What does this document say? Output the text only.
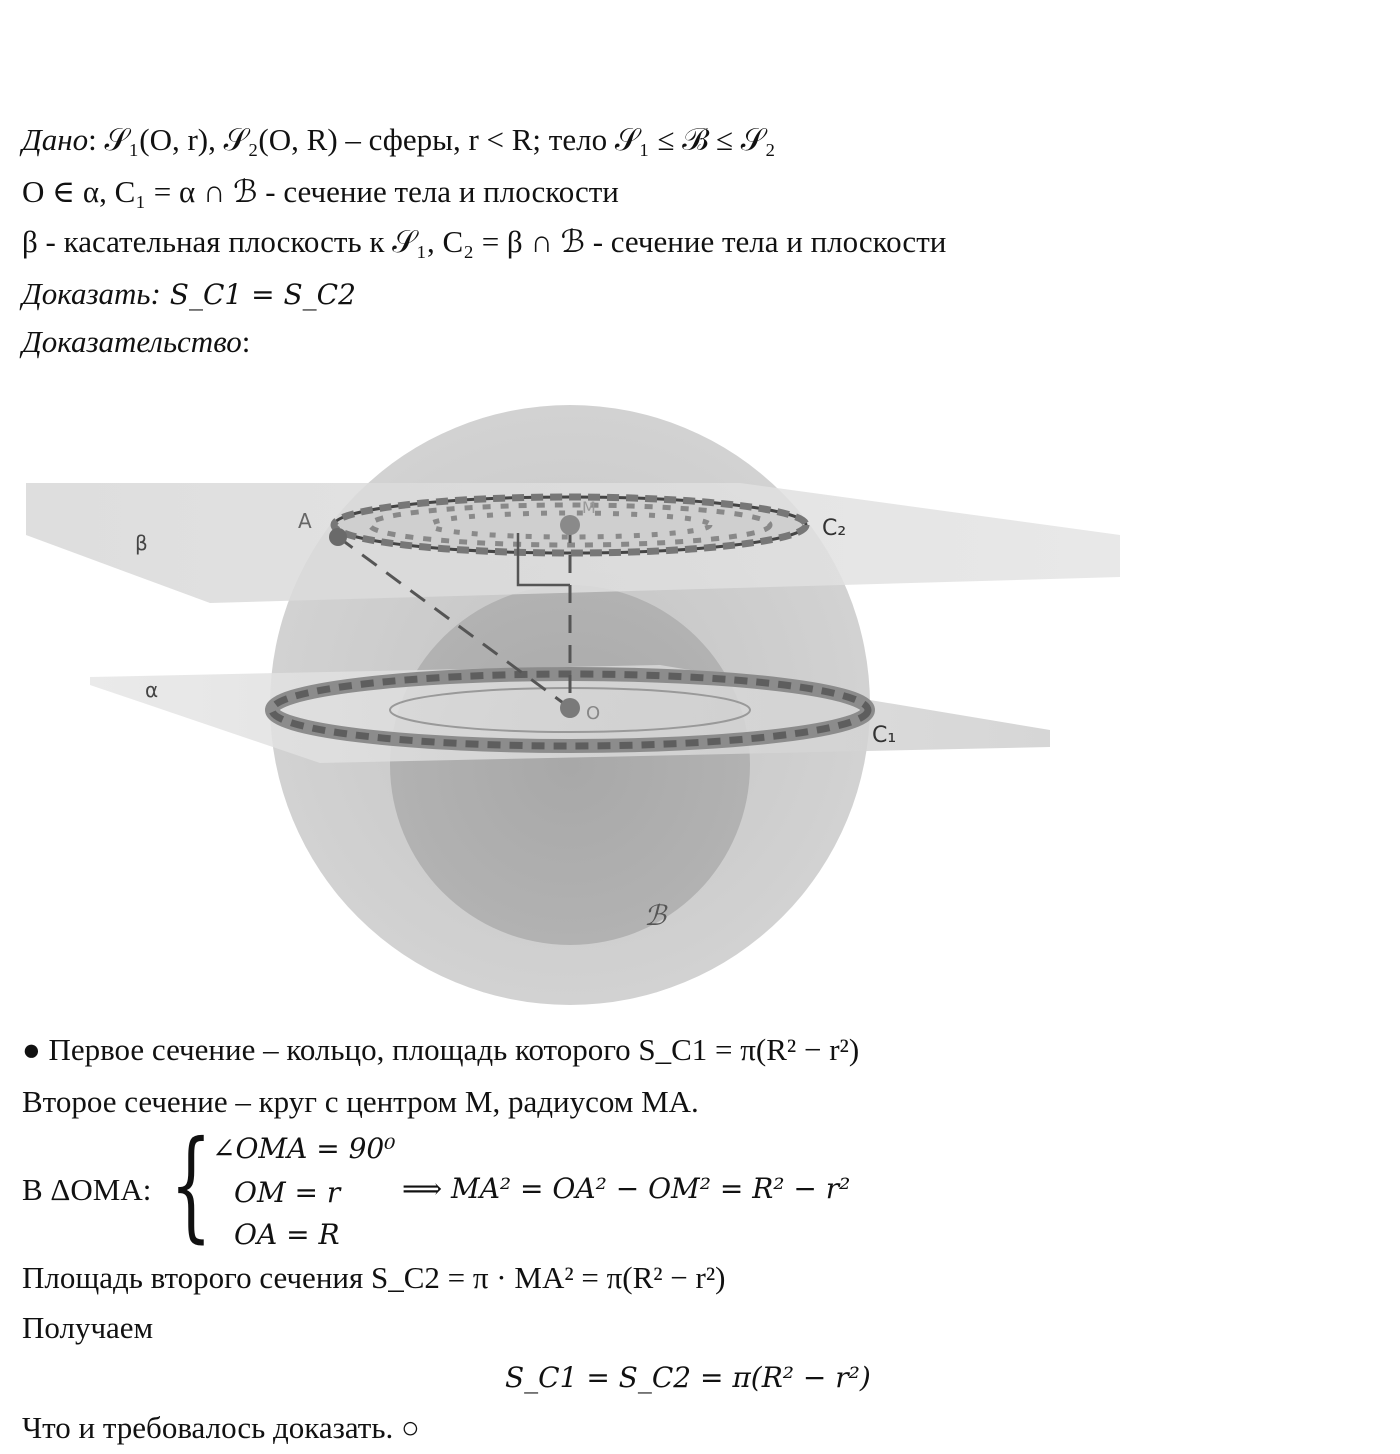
Дано: 𝒮₁(O, r), 𝒮₂(O, R) – сферы, r < R; тело 𝒮₁ ≤ ℬ ≤ 𝒮₂
O ∈ α, C₁ = α ∩ ℬ - сечение тела и плоскости
β - касательная плоскость к 𝒮₁, C₂ = β ∩ ℬ - сечение тела и плоскости
Доказать: S_C1 = S_C2
Доказательство:
β
α
A
M
O
C₂
C₁
ℬ
● Первое сечение – кольцо, площадь которого S_C1 = π(R² − r²)
Второе сечение – круг с центром M, радиусом MA.
В ΔOMA: { ∠OMA = 90⁰
OM = r
OA = R
⟹ MA² = OA² − OM² = R² − r²
Площадь второго сечения S_C2 = π · MA² = π(R² − r²)
Получаем
S_C1 = S_C2 = π(R² − r²)
Что и требовалось доказать. ○
